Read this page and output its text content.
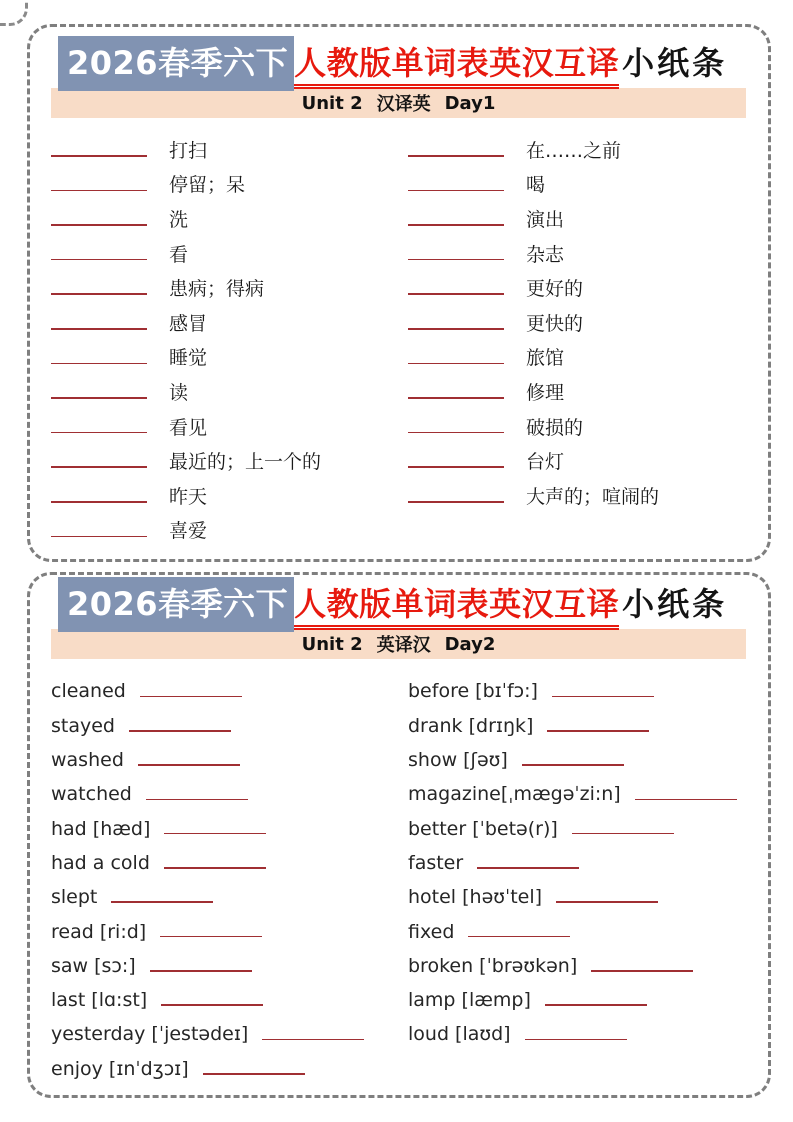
2026春季六下 人教版单词表英汉互译小纸条
Unit 2 汉译英 Day1
打扫
停留；呆
洗
看
患病；得病
感冒
睡觉
读
看见
最近的；上一个的
昨天
喜爱
在……之前
喝
演出
杂志
更好的
更快的
旅馆
修理
破损的
台灯
大声的；喧闹的
2026春季六下 人教版单词表英汉互译小纸条
Unit 2 英译汉 Day2
cleaned
stayed
washed
watched
had [hæd]
had a cold
slept
read [ri:d]
saw [sɔ:]
last [lɑ:st]
yesterday [ˈjestədeɪ]
enjoy [ɪnˈdʒɔɪ]
before [bɪˈfɔ:]
drank [drɪŋk]
show [ʃəʊ]
magazine[ˌmægəˈzi:n]
better [ˈbetə(r)]
faster
hotel [həʊˈtel]
fixed
broken [ˈbrəʊkən]
lamp [læmp]
loud [laʊd]
